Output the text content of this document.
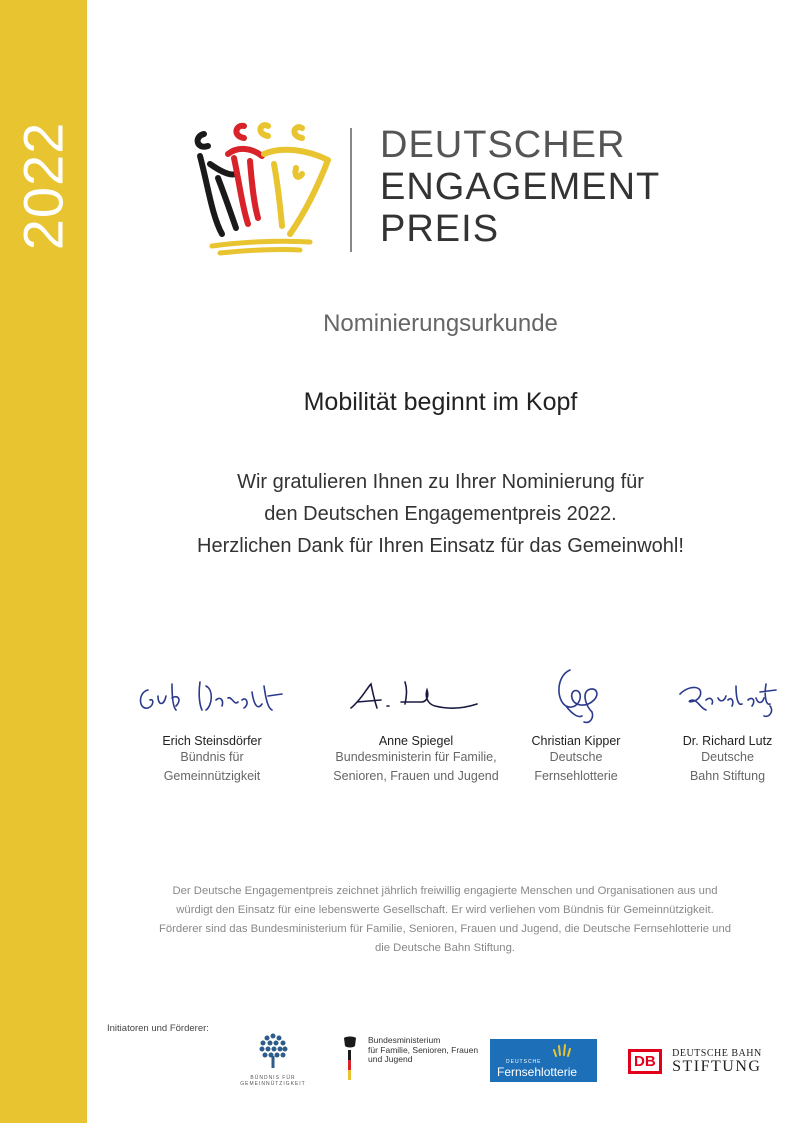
2022	DEUTSCHER
ENGAGEMENT
PREIS
Nominierungsurkunde
Mobilität beginnt im Kopf
Wir gratulieren Ihnen zu Ihrer Nominierung für
den Deutschen Engagementpreis 2022.
Herzlichen Dank für Ihren Einsatz für das Gemeinwohl!
Erich Steinsdörfer
Bündnis für
Gemeinnützigkeit
Anne Spiegel
Bundesministerin für Familie,
Senioren, Frauen und Jugend
Christian Kipper
Deutsche
Fernsehlotterie
Dr. Richard Lutz
Deutsche
Bahn Stiftung
Der Deutsche Engagementpreis zeichnet jährlich freiwillig engagierte Menschen und Organisationen aus und
würdigt den Einsatz für eine lebenswerte Gesellschaft. Er wird verliehen vom Bündnis für Gemeinnützigkeit.
Förderer sind das Bundesministerium für Familie, Senioren, Frauen und Jugend, die Deutsche Fernsehlotterie und
die Deutsche Bahn Stiftung.
Initiatoren und Förderer:
BÜNDNIS FÜR
GEMEINNÜTZIGKEIT
Bundesministerium
für Familie, Senioren, Frauen
und Jugend	DEUTSCHE
Fernsehlotterie
DB DEUTSCHE BAHN
STIFTUNG
